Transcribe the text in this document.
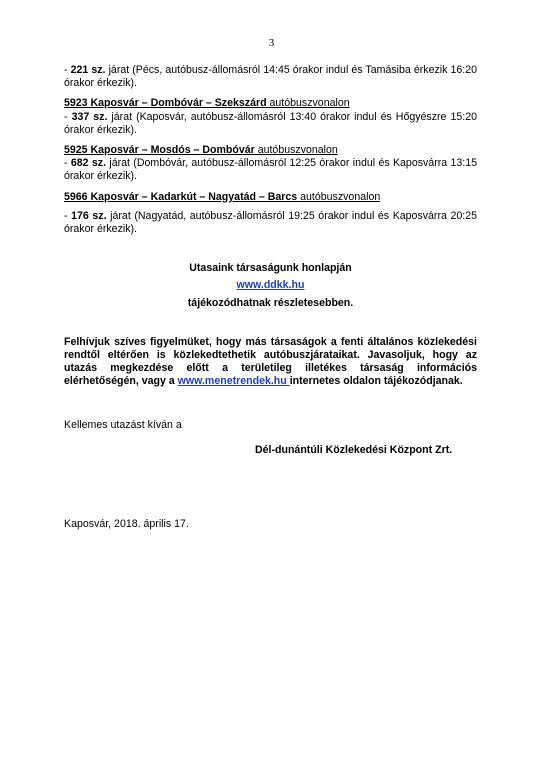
3

- 221 sz. járat (Pécs, autóbusz-állomásról 14:45 órakor indul és Tamásiba érkezik 16:20 órakor érkezik).

5923 Kaposvár – Dombóvár – Szekszárd autóbuszvonalon

- 337 sz. járat (Kaposvár, autóbusz-állomásról 13:40 órakor indul és Hőgyészre 15:20 órakor érkezik).

5925 Kaposvár – Mosdós – Dombóvár autóbuszvonalon

- 682 sz. járat (Dombóvár, autóbusz-állomásról 12:25 órakor indul és Kaposvárra 13:15 órakor érkezik).

5966 Kaposvár – Kadarkút – Nagyatád – Barcs autóbuszvonalon

- 176 sz. járat (Nagyatád, autóbusz-állomásról 19:25 órakor indul és Kaposvárra 20:25 órakor érkezik).

Utasaink társaságunk honlapján

www.ddkk.hu

tájékozódhatnak részletesebben.

Felhívjuk szíves figyelmüket, hogy más társaságok a fenti általános közlekedési rendtől eltérően is közlekedtethetik autóbuszjárataikat. Javasoljuk, hogy az utazás megkezdése előtt a területileg illetékes társaság információs elérhetőségén, vagy a www.menetrendek.hu internetes oldalon tájékozódjanak.

Kellemes utazást kíván a

Dél-dunántúli Közlekedési Központ Zrt.

Kaposvár, 2018. április 17.
